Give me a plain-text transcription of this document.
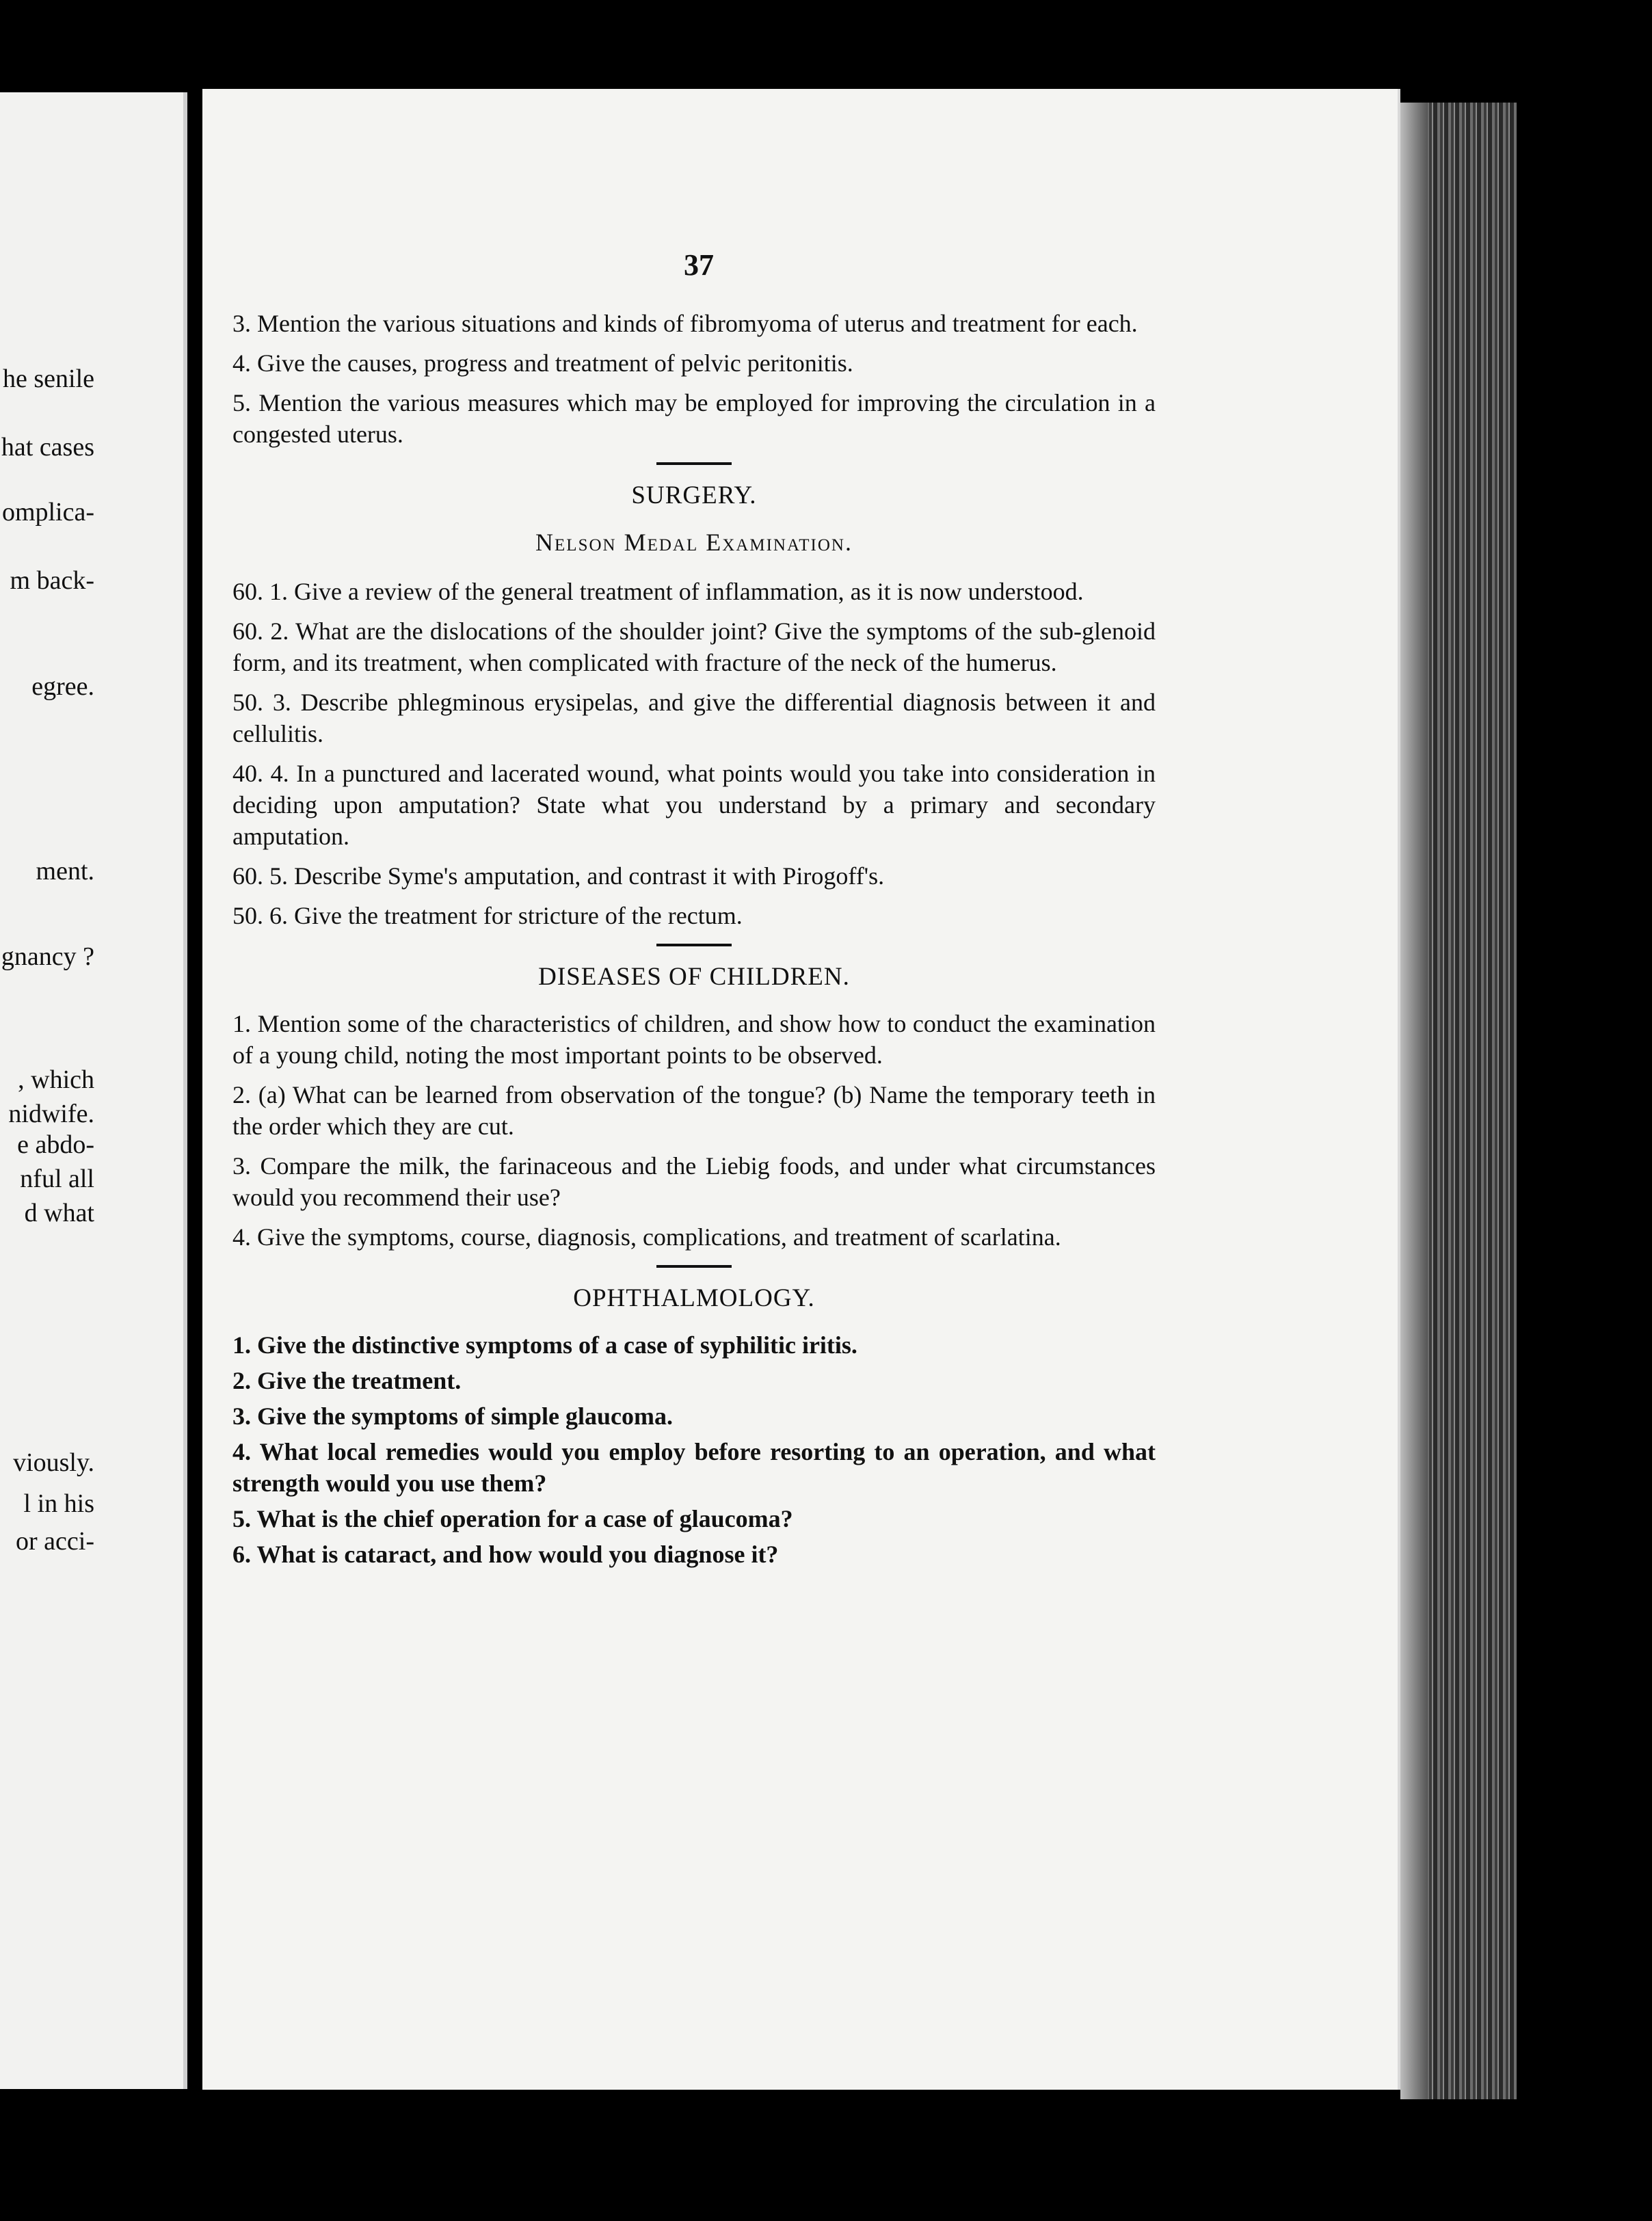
he senile
hat cases
omplica-
m back-
egree.
ment.
gnancy ?
, which
nidwife.
e abdo-
nful all
d what
viously.
l in his
or acci-
37

3. Mention the various situations and kinds of fibromyoma of uterus and treatment for each.

4. Give the causes, progress and treatment of pelvic peritonitis.

5. Mention the various measures which may be employed for improving the circulation in a congested uterus.

SURGERY.
Nelson Medal Examination.

60. 1. Give a review of the general treatment of inflammation, as it is now understood.

60. 2. What are the dislocations of the shoulder joint? Give the symptoms of the sub-glenoid form, and its treatment, when complicated with fracture of the neck of the humerus.

50. 3. Describe phlegminous erysipelas, and give the differential diagnosis between it and cellulitis.

40. 4. In a punctured and lacerated wound, what points would you take into consideration in deciding upon amputation? State what you understand by a primary and secondary amputation.

60. 5. Describe Syme's amputation, and contrast it with Pirogoff's.

50. 6. Give the treatment for stricture of the rectum.

DISEASES OF CHILDREN.

1. Mention some of the characteristics of children, and show how to conduct the examination of a young child, noting the most important points to be observed.

2. (a) What can be learned from observation of the tongue? (b) Name the temporary teeth in the order which they are cut.

3. Compare the milk, the farinaceous and the Liebig foods, and under what circumstances would you recommend their use?

4. Give the symptoms, course, diagnosis, complications, and treatment of scarlatina.

OPHTHALMOLOGY.

1. Give the distinctive symptoms of a case of syphilitic iritis.

2. Give the treatment.

3. Give the symptoms of simple glaucoma.

4. What local remedies would you employ before resorting to an operation, and what strength would you use them?

5. What is the chief operation for a case of glaucoma?

6. What is cataract, and how would you diagnose it?
